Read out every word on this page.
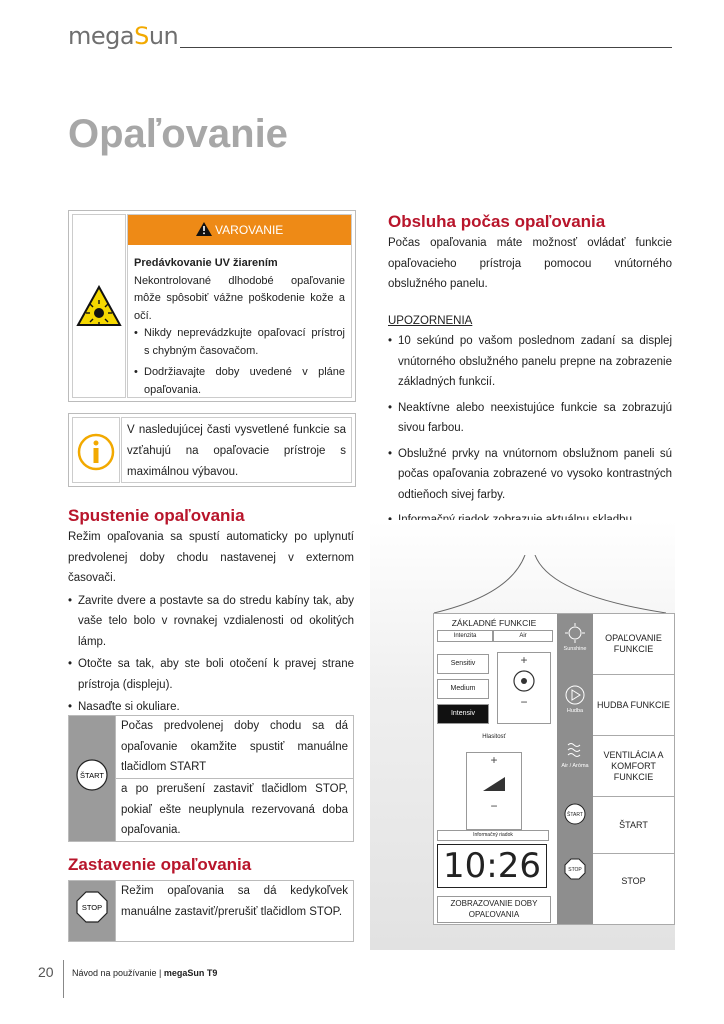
megaSun
Opaľovanie
VAROVANIE
Predávkovanie UV žiarením
Nekontrolované dlhodobé opaľovanie môže spôsobiť vážne poškodenie kože a očí.
• Nikdy neprevádzkujte opaľovací prístroj s chybným časovačom.
• Dodržiavajte doby uvedené v pláne opaľovania.
V nasledujúcej časti vysvetlené funkcie sa vzťahujú na opaľovacie prístroje s maximálnou výbavou.
Spustenie opaľovania
Režim opaľovania sa spustí automaticky po uplynutí predvolenej doby chodu nastavenej v externom časovači.
• Zavrite dvere a postavte sa do stredu kabíny tak, aby vaše telo bolo v rovnakej vzdialenosti od okolitých lámp.
• Otočte sa tak, aby ste boli otočení k pravej strane prístroja (displeju).
• Nasaďte si okuliare.
ŠTART
	Počas predvolenej doby chodu sa dá opaľovanie okamžite spustiť manuálne tlačidlom START
a po prerušení zastaviť tlačidlom STOP, pokiaľ ešte neuplynula rezervovaná doba opaľovania.
Zastavenie opaľovania
STOP
	Režim opaľovania sa dá kedykoľvek manuálne zastaviť/prerušiť tlačidlom STOP.
Obsluha počas opaľovania
Počas opaľovania máte možnosť ovládať funkcie opaľovacieho prístroja pomocou vnútorného obslužného panelu.
UPOZORNENIA
• 10 sekúnd po vašom poslednom zadaní sa displej vnútorného obslužného panelu prepne na zobrazenie základných funkcií.
• Neaktívne alebo neexistujúce funkcie sa zobrazujú sivou farbou.
• Obslužné prvky na vnútornom obslužnom paneli sú počas opaľovania zobrazené vo vysoko kontrastných odtieňoch sivej farby.
•
ZÁKLADNÉ FUNKCIE
Intenzita	Air
Sensitiv
Medium
Intensiv
+
−
Hlasitosť
+
−
Informačný riadok
10:26
ZOBRAZOVANIE DOBY OPAĽOVANIA
Sunshine
Hudba
Air / Aróma
ŠTART
STOP
OPAĽOVANIE FUNKCIE
HUDBA FUNKCIE
VENTILÁCIA A KOMFORT FUNKCIE
ŠTART
STOP
20 Návod na používanie | megaSun T9
